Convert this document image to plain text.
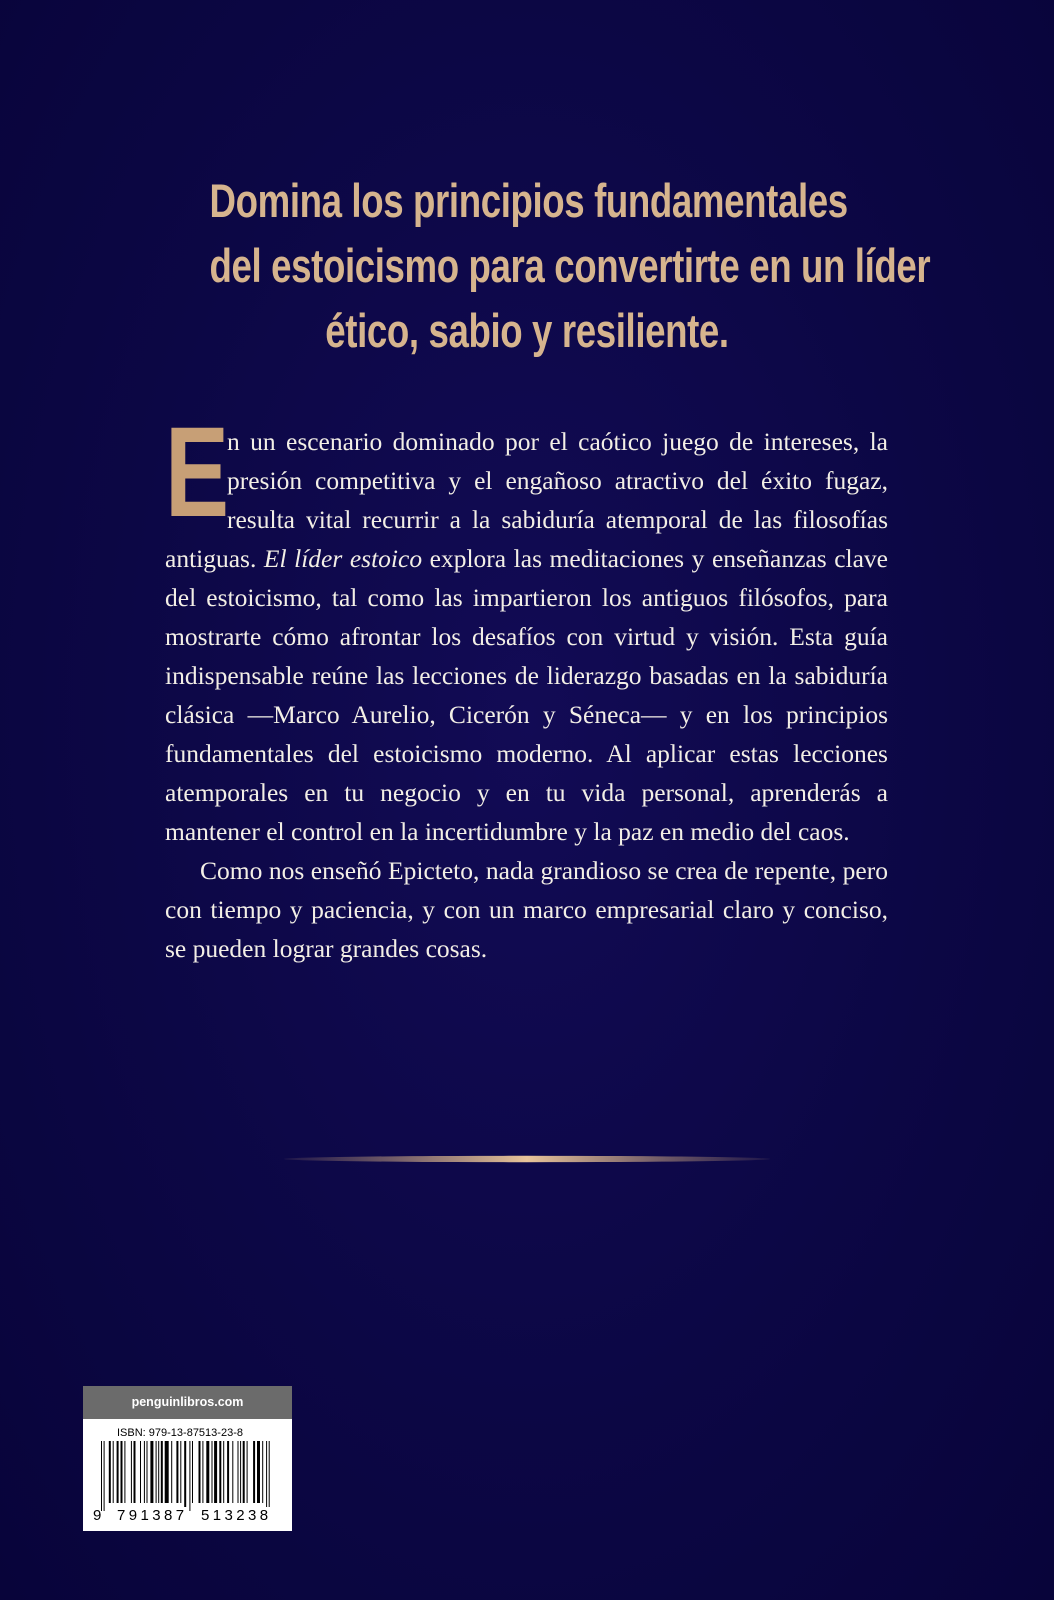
Domina los principios fundamentales
del estoicismo para convertirte en un líder
ético, sabio y resiliente.

E
n un escenario dominado por el caótico juego de intereses, la presión competitiva y el engañoso atractivo del éxito fugaz, resulta vital recurrir a la sabiduría atemporal de las filosofías antiguas. El líder estoico explora las meditaciones y enseñanzas clave del estoicismo, tal como las impartieron los antiguos filósofos, para mostrarte cómo afrontar los desafíos con virtud y visión. Esta guía indispensable reúne las lecciones de liderazgo basadas en la sabiduría clásica —Marco Aurelio, Cicerón y Séneca— y en los principios fundamentales del estoicismo moderno. Al aplicar estas lecciones atemporales en tu negocio y en tu vida personal, aprenderás a mantener el control en la incertidumbre y la paz en medio del caos.

Como nos enseñó Epicteto, nada grandioso se crea de repente, pero con tiempo y paciencia, y con un marco empresarial claro y conciso, se pueden lograr grandes cosas.

penguinlibros.com
ISBN: 979-13-87513-23-8
9 791387 513238
